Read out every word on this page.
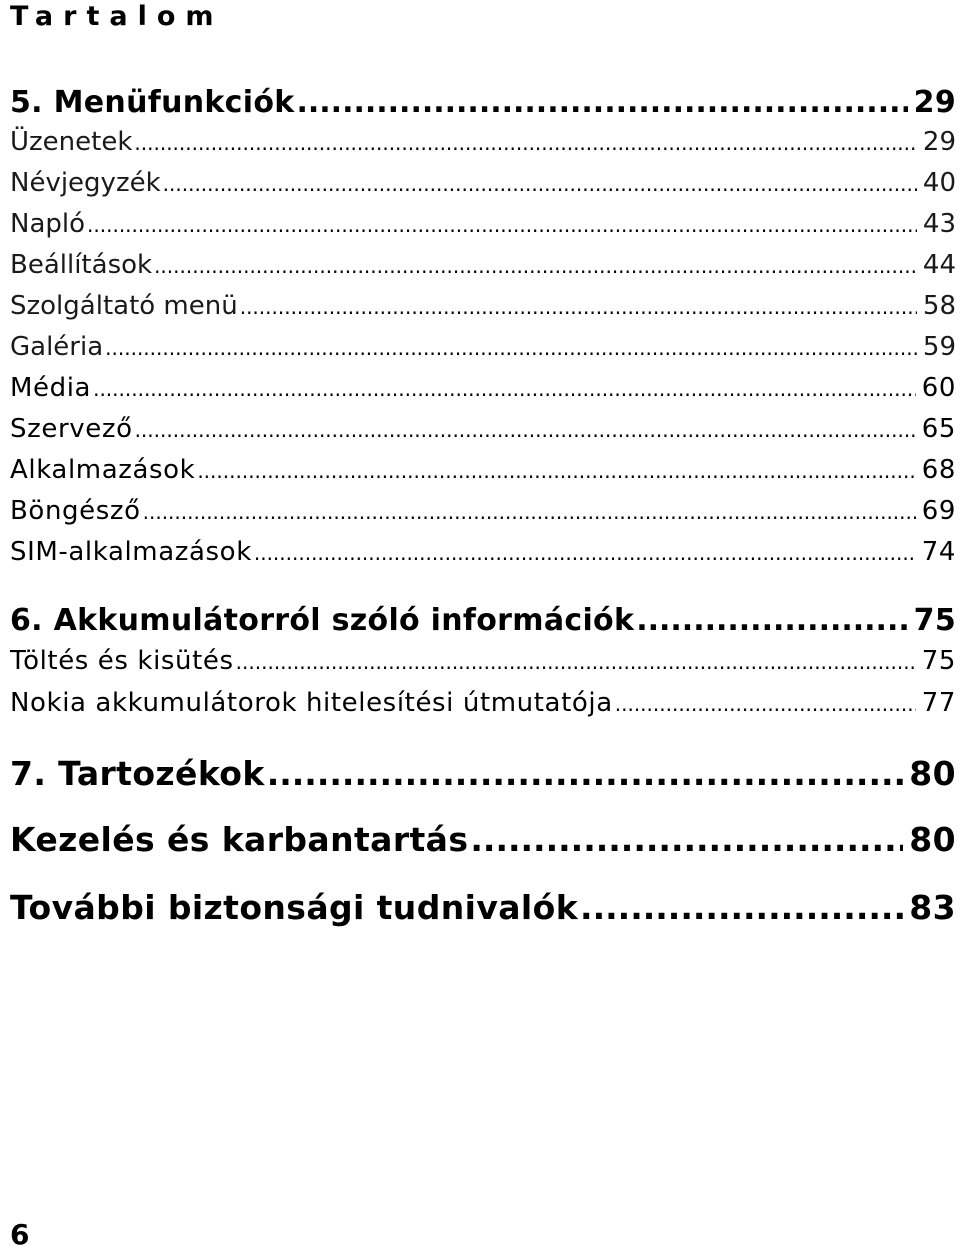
Tartalom
5. Menüfunkciók .....	29
Üzenetek .....	29
Névjegyzék .....	40
Napló .....	43
Beállítások .....	44
Szolgáltató menü .....	58
Galéria .....	59
Média .....	60
Szervező .....	65
Alkalmazások .....	68
Böngésző .....	69
SIM-alkalmazások .....	74
6. Akkumulátorról szóló információk .....	75
Töltés és kisütés .....	75
Nokia akkumulátorok hitelesítési útmutatója .....	77
7. Tartozékok .....	80
Kezelés és karbantartás .....	80
További biztonsági tudnivalók .....	83
6
